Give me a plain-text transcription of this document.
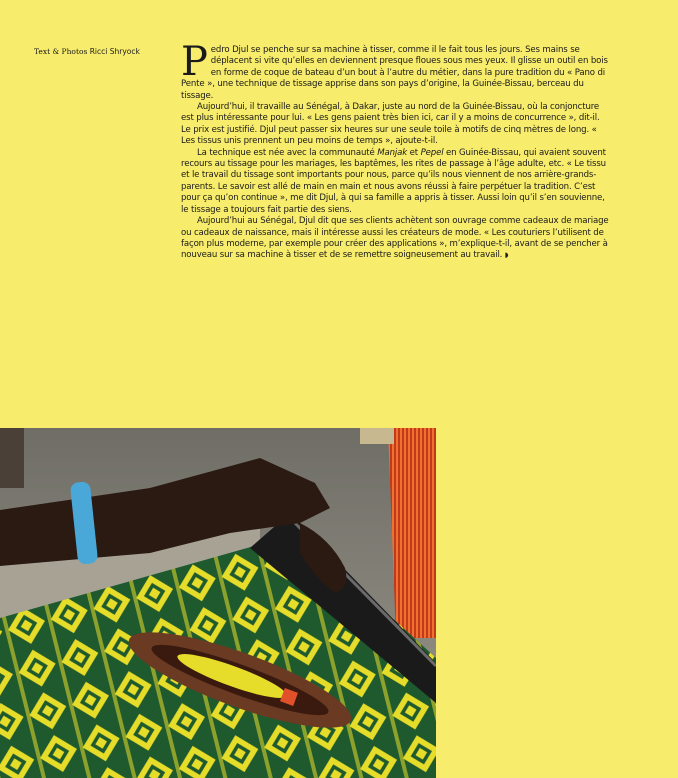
Text & Photos Ricci Shryock Pedro Djul se penche sur sa machine à tisser, comme il le fait tous les jours. Ses mains se déplacent si vite qu’elles en deviennent presque floues sous mes yeux. Il glisse un outil en bois en forme de coque de bateau d’un bout à l’autre du métier, dans la pure tradition du « Pano di Pente », une technique de tissage apprise dans son pays d’origine, la Guinée-Bissau, berceau du tissage.

Aujourd’hui, il travaille au Sénégal, à Dakar, juste au nord de la Guinée-Bissau, où la conjoncture est plus intéressante pour lui. « Les gens paient très bien ici, car il y a moins de concurrence », dit-il. Le prix est justifié. Djul peut passer six heures sur une seule toile à motifs de cinq mètres de long. « Les tissus unis prennent un peu moins de temps », ajoute-t-il.

La technique est née avec la communauté Manjak et Pepel en Guinée-Bissau, qui avaient souvent recours au tissage pour les mariages, les baptêmes, les rites de passage à l’âge adulte, etc. « Le tissu et le travail du tissage sont importants pour nous, parce qu’ils nous viennent de nos arrière-grands-parents. Le savoir est allé de main en main et nous avons réussi à faire perpétuer la tradition. C’est pour ça qu’on continue », me dit Djul, à qui sa famille a appris à tisser. Aussi loin qu’il s’en souvienne, le tissage a toujours fait partie des siens.

Aujourd’hui au Sénégal, Djul dit que ses clients achètent son ouvrage comme cadeaux de mariage ou cadeaux de naissance, mais il intéresse aussi les créateurs de mode. « Les couturiers l’utilisent de façon plus moderne, par exemple pour créer des applications », m’explique-t-il, avant de se pencher à nouveau sur sa machine à tisser et de se remettre soigneusement au travail. ◗
